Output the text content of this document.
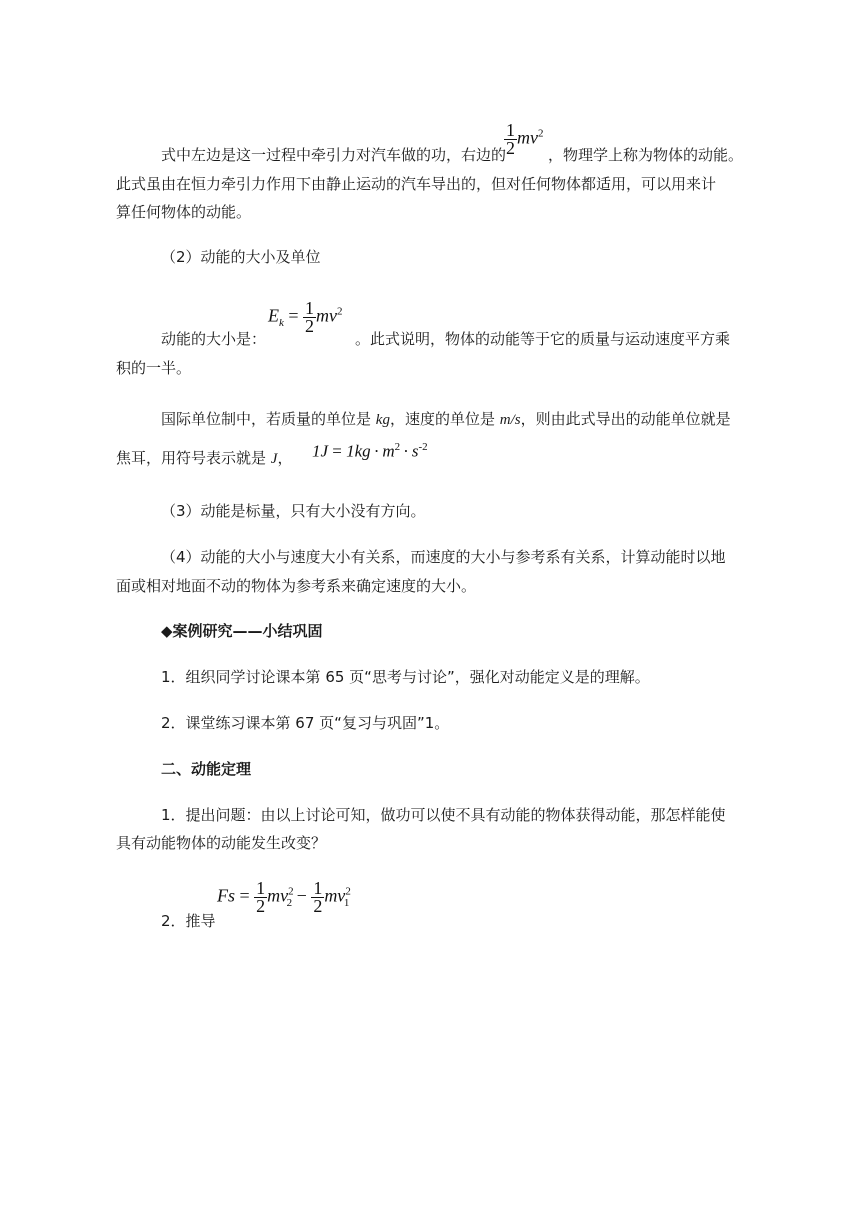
式中左边是这一过程中牵引力对汽车做的功，右边的
$\frac{1}{2} mv^2$
，物理学上称为物体的动能。
此式虽由在恒力牵引力作用下由静止运动的汽车导出的，但对任何物体都适用，可以用来计
算任何物体的动能。
（2）动能的大小及单位
$E_k = \frac{1}{2} mv^2$
动能的大小是：	。此式说明，物体的动能等于它的质量与运动速度平方乘
积的一半。
国际单位制中，若质量的单位是 kg，速度的单位是 m/s，则由此式导出的动能单位就是
焦耳，用符号表示就是 J， $1J = 1kg \cdot m^2 \cdot s^{-2}$
（3）动能是标量，只有大小没有方向。
（4）动能的大小与速度大小有关系，而速度的大小与参考系有关系，计算动能时以地
面或相对地面不动的物体为参考系来确定速度的大小。
◆案例研究——小结巩固
1．组织同学讨论课本第 65 页“思考与讨论”，强化对动能定义是的理解。
2．课堂练习课本第 67 页“复习与巩固”1。
二、动能定理
1．提出问题：由以上讨论可知，做功可以使不具有动能的物体获得动能，那怎样能使
具有动能物体的动能发生改变？
2．推导
$Fs = \frac{1}{2} mv^2_2 - \frac{1}{2} mv^2_1$
